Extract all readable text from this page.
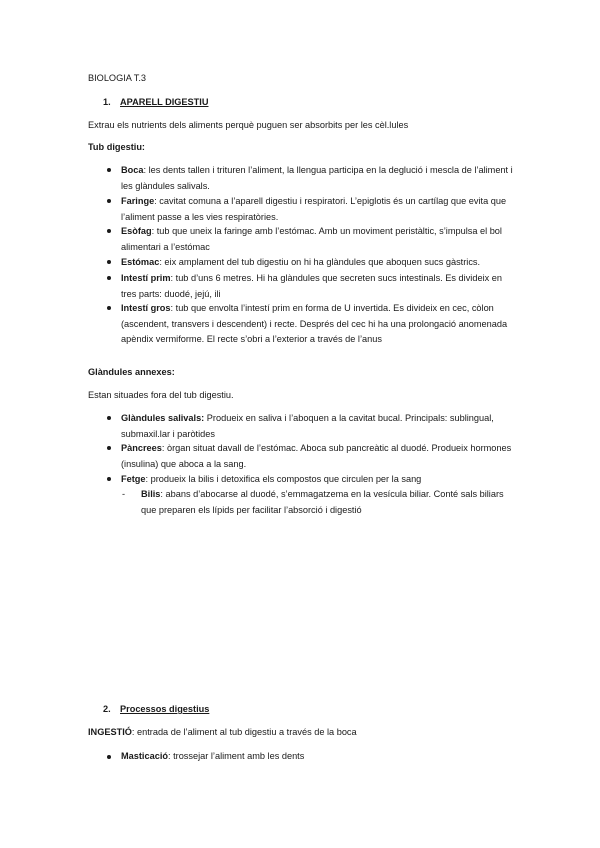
BIOLOGIA T.3
1. APARELL DIGESTIU
Extrau els nutrients dels aliments perquè puguen ser absorbits per les cèl.lules
Tub digestiu:
Boca: les dents tallen i trituren l’aliment, la llengua participa en la deglució i mescla de l’aliment i les glàndules salivals.
Faringe: cavitat comuna a l’aparell digestiu i respiratori. L’epiglotis és un cartílag que evita que l’aliment passe a les vies respiratòries.
Esòfag: tub que uneix la faringe amb l’estómac. Amb un moviment peristàltic, s’impulsa el bol alimentari a l’estómac
Estómac: eix amplament del tub digestiu on hi ha glàndules que aboquen sucs gàstrics.
Intestí prim: tub d’uns 6 metres. Hi ha glàndules que secreten sucs intestinals. Es divideix en tres parts: duodé, jejú, ili
Intestí gros: tub que envolta l’intestí prim en forma de U invertida. Es divideix en cec, còlon (ascendent, transvers i descendent) i recte. Després del cec hi ha una prolongació anomenada apèndix vermiforme. El recte s’obri a l’exterior a través de l’anus
Glàndules annexes:
Estan situades fora del tub digestiu.
Glàndules salivals: Produeix en saliva i l’aboquen a la cavitat bucal. Principals: sublingual, submaxil.lar i paròtides
Pàncrees: òrgan situat davall de l’estómac. Aboca sub pancreàtic al duodé. Produeix hormones (insulina) que aboca a la sang.
Fetge: produeix la bilis i detoxifica els compostos que circulen per la sang
- Bilis: abans d’abocarse al duodé, s’emmagatzema en la vesícula biliar. Conté sals biliars que preparen els lípids per facilitar l’absorció i digestió
2. Processos digestius
INGESTIÓ: entrada de l’aliment al tub digestiu a través de la boca
Masticació: trossejar l’aliment amb les dents
